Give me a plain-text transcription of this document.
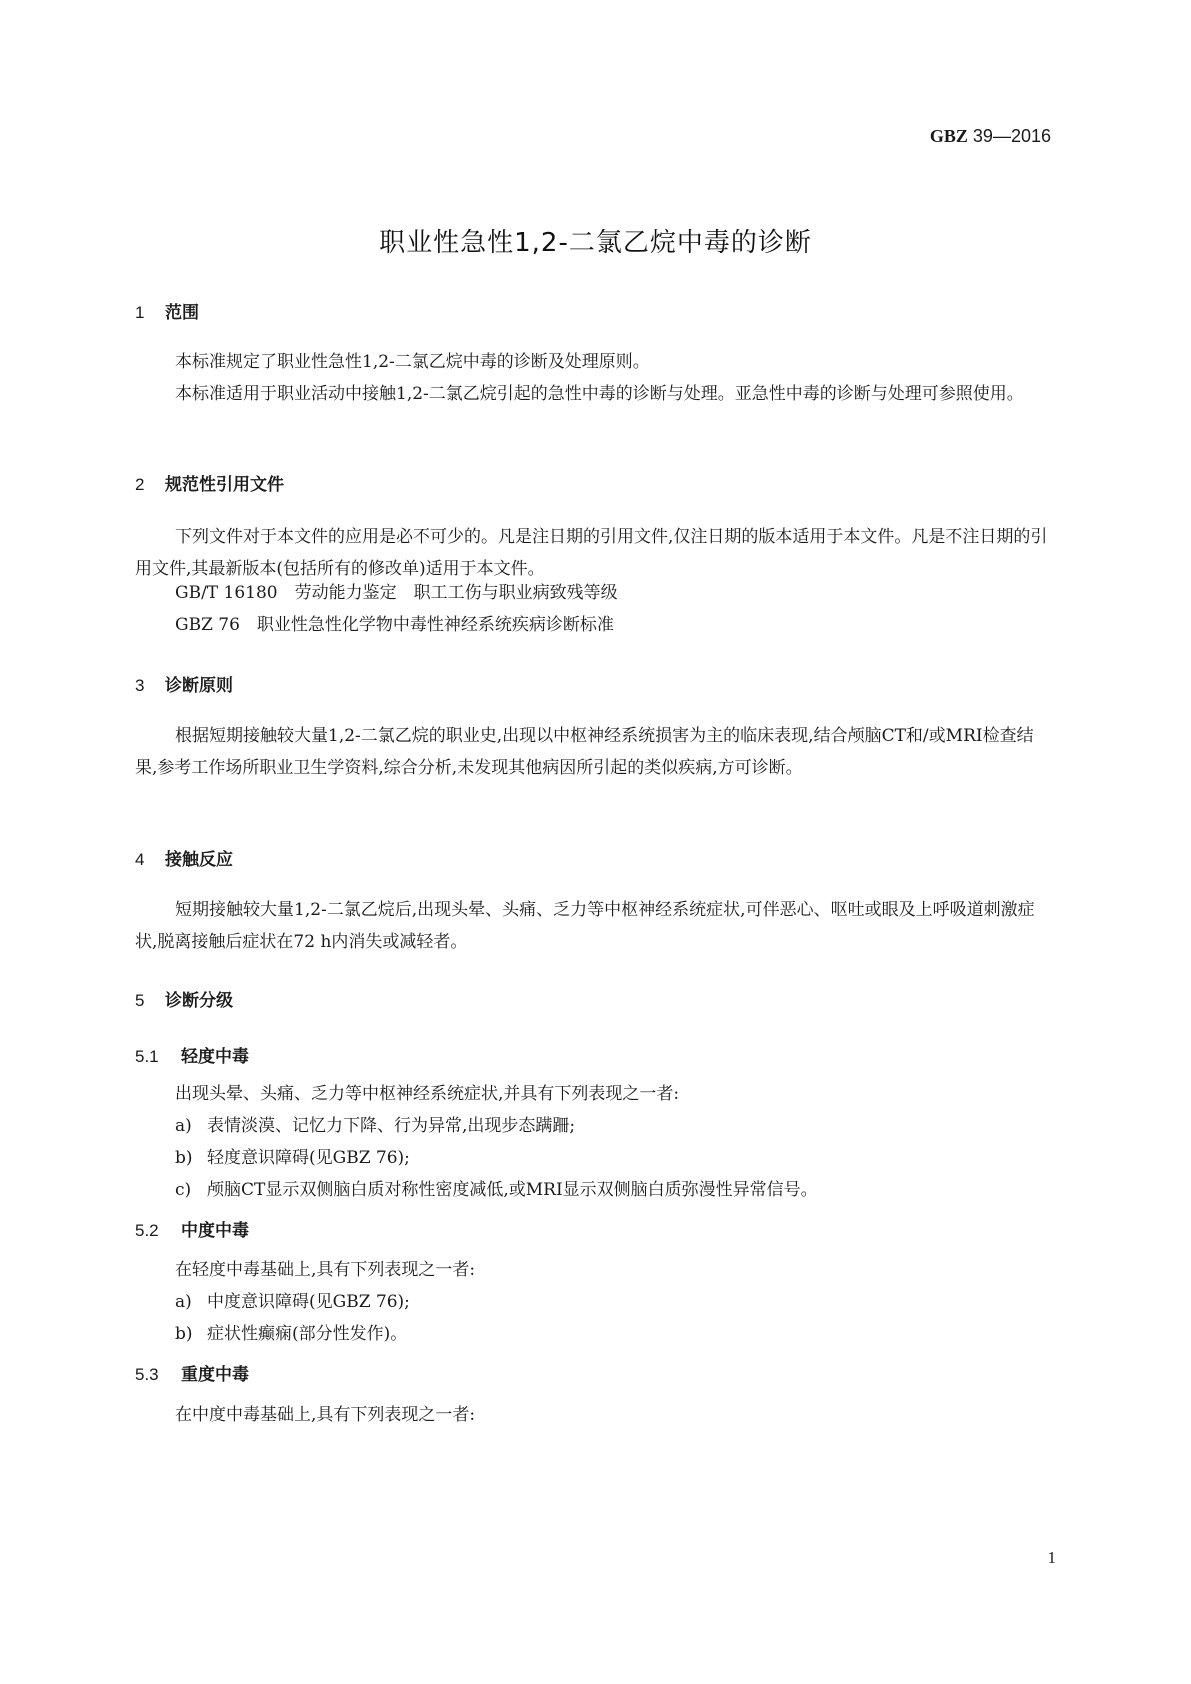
GBZ 39—2016
职业性急性1,2-二氯乙烷中毒的诊断
1 范围
本标准规定了职业性急性1,2-二氯乙烷中毒的诊断及处理原则。
本标准适用于职业活动中接触1,2-二氯乙烷引起的急性中毒的诊断与处理。亚急性中毒的诊断与处理可参照使用。
2 规范性引用文件
下列文件对于本文件的应用是必不可少的。凡是注日期的引用文件,仅注日期的版本适用于本文件。凡是不注日期的引用文件,其最新版本(包括所有的修改单)适用于本文件。
GB/T 16180　劳动能力鉴定　职工工伤与职业病致残等级
GBZ 76　职业性急性化学物中毒性神经系统疾病诊断标准
3 诊断原则
根据短期接触较大量1,2-二氯乙烷的职业史,出现以中枢神经系统损害为主的临床表现,结合颅脑CT和/或MRI检查结果,参考工作场所职业卫生学资料,综合分析,未发现其他病因所引起的类似疾病,方可诊断。
4 接触反应
短期接触较大量1,2-二氯乙烷后,出现头晕、头痛、乏力等中枢神经系统症状,可伴恶心、呕吐或眼及上呼吸道刺激症状,脱离接触后症状在72 h内消失或减轻者。
5 诊断分级
5.1 轻度中毒
出现头晕、头痛、乏力等中枢神经系统症状,并具有下列表现之一者:
a) 表情淡漠、记忆力下降、行为异常,出现步态蹒跚;
b) 轻度意识障碍(见GBZ 76);
c) 颅脑CT显示双侧脑白质对称性密度减低,或MRI显示双侧脑白质弥漫性异常信号。
5.2 中度中毒
在轻度中毒基础上,具有下列表现之一者:
a) 中度意识障碍(见GBZ 76);
b) 症状性癫痫(部分性发作)。
5.3 重度中毒
在中度中毒基础上,具有下列表现之一者:
1
